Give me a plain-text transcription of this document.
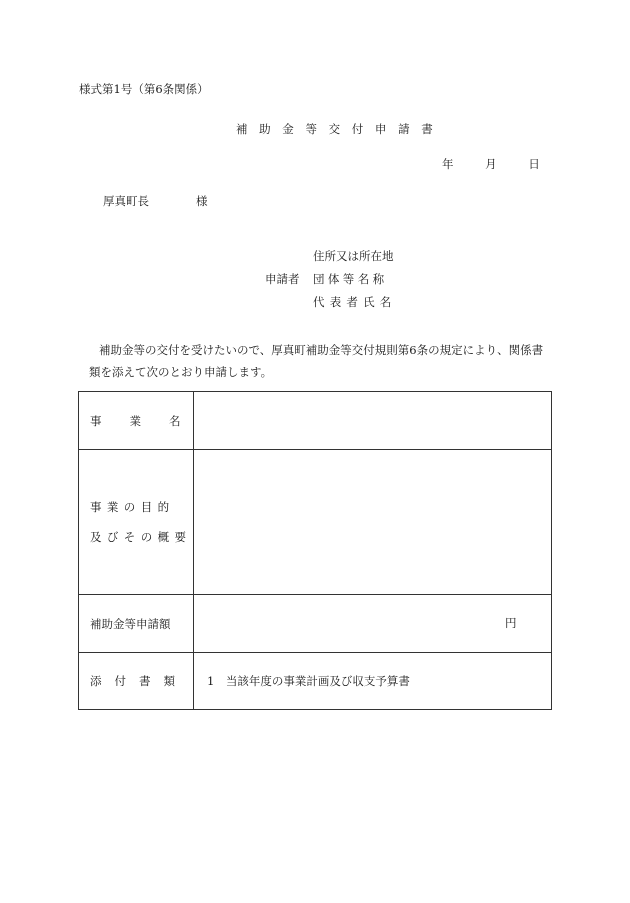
様式第1号（第6条関係）
補 助 金 等 交 付 申 請 書
年	月	日
厚真町長	様
住所又は所在地
申請者	団体等名称
代表者氏名
補助金等の交付を受けたいので、厚真町補助金等交付規則第6条の規定により、関係書
類を添えて次のとおり申請します。
事 業 名	

事業の目的
及びその概要	

補助金等申請額	円

添 付 書 類	1　当該年度の事業計画及び収支予算書
